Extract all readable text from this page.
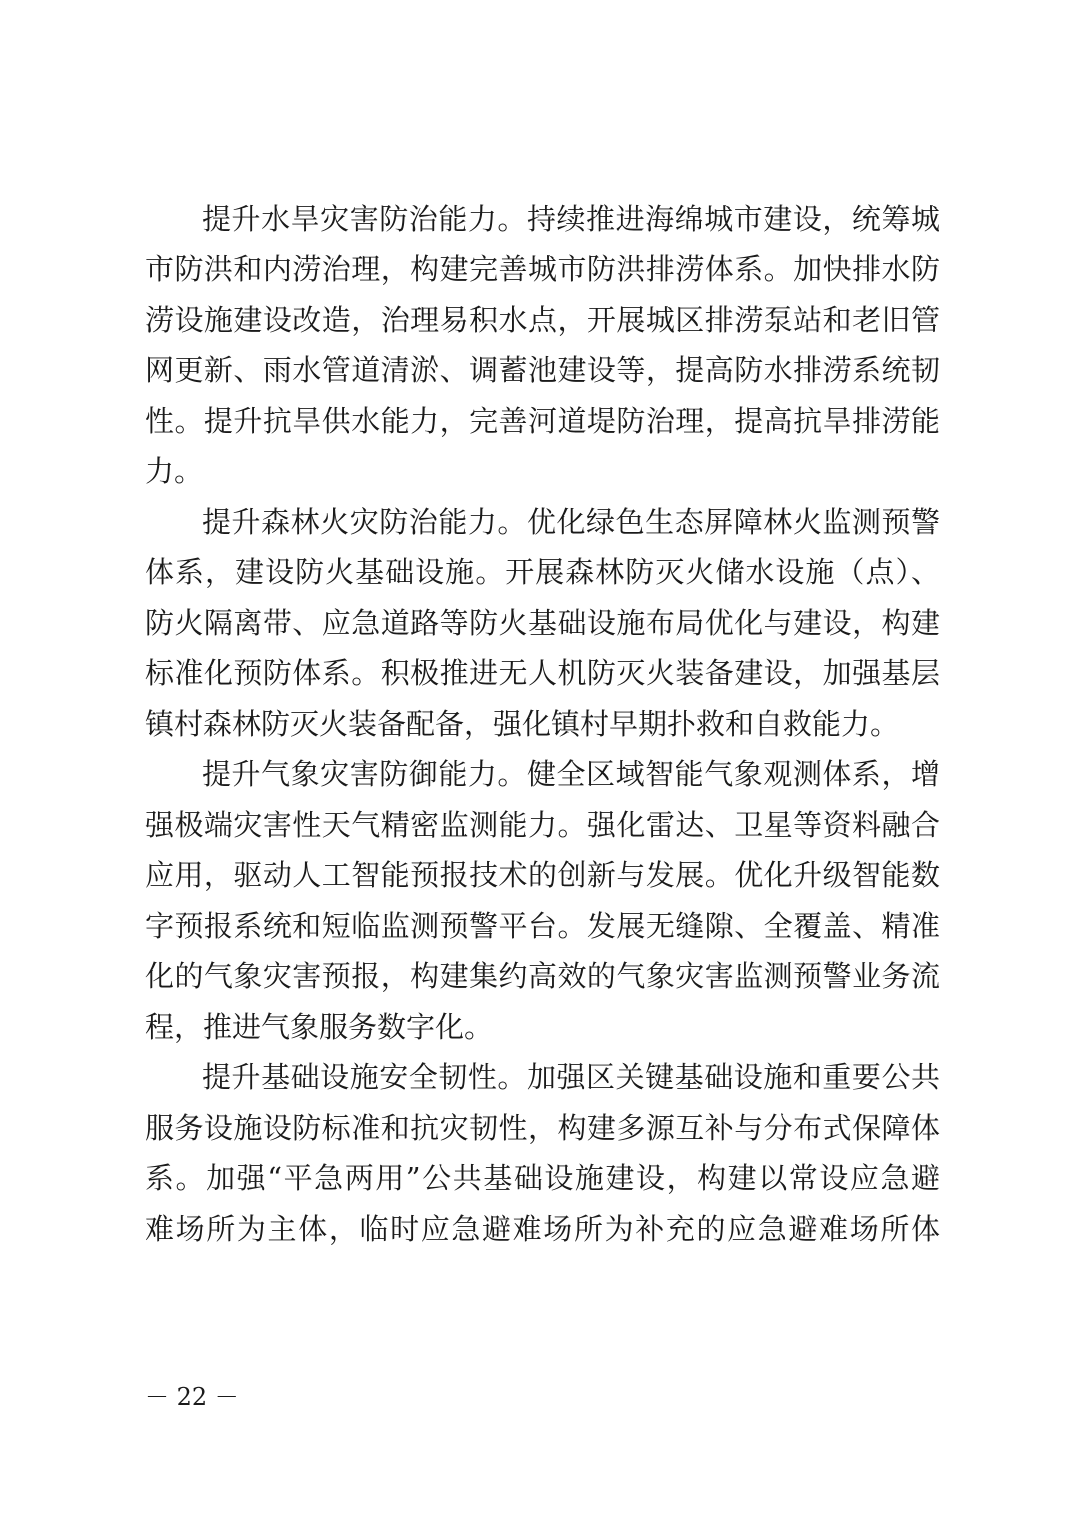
提升水旱灾害防治能力。持续推进海绵城市建设，统筹城
市防洪和内涝治理，构建完善城市防洪排涝体系。加快排水防
涝设施建设改造，治理易积水点，开展城区排涝泵站和老旧管
网更新、雨水管道清淤、调蓄池建设等，提高防水排涝系统韧
性。提升抗旱供水能力，完善河道堤防治理，提高抗旱排涝能
力。
提升森林火灾防治能力。优化绿色生态屏障林火监测预警
体系，建设防火基础设施。开展森林防灭火储水设施（点）、
防火隔离带、应急道路等防火基础设施布局优化与建设，构建
标准化预防体系。积极推进无人机防灭火装备建设，加强基层
镇村森林防灭火装备配备，强化镇村早期扑救和自救能力。
提升气象灾害防御能力。健全区域智能气象观测体系，增
强极端灾害性天气精密监测能力。强化雷达、卫星等资料融合
应用，驱动人工智能预报技术的创新与发展。优化升级智能数
字预报系统和短临监测预警平台。发展无缝隙、全覆盖、精准
化的气象灾害预报，构建集约高效的气象灾害监测预警业务流
程，推进气象服务数字化。
提升基础设施安全韧性。加强区关键基础设施和重要公共
服务设施设防标准和抗灾韧性，构建多源互补与分布式保障体
系。加强“平急两用”公共基础设施建设，构建以常设应急避
难场所为主体，临时应急避难场所为补充的应急避难场所体
－ 22 －
